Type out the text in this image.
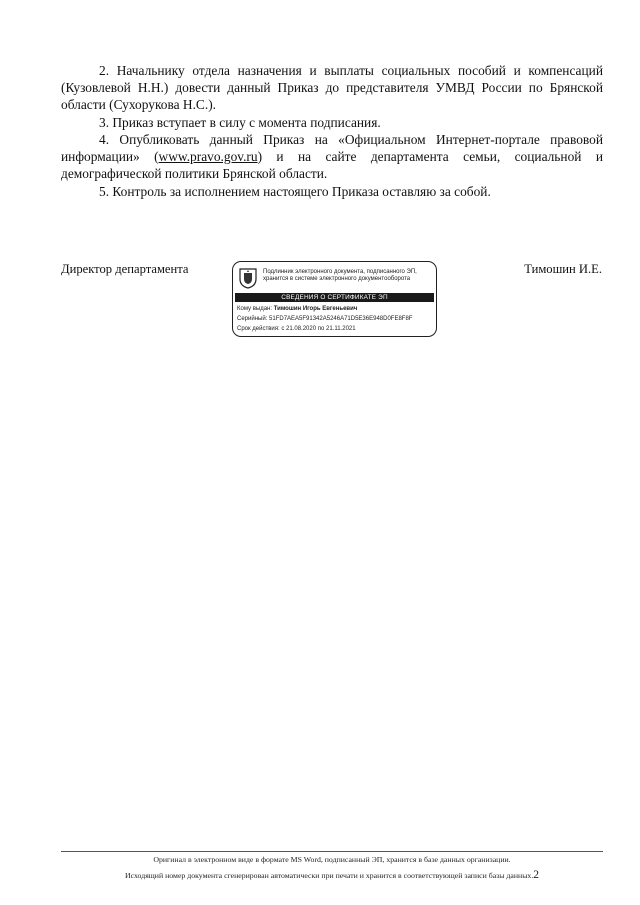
2. Начальнику отдела назначения и выплаты социальных пособий и компенсаций (Кузовлевой Н.Н.) довести данный Приказ до представителя УМВД России по Брянской области (Сухорукова Н.С.).

3. Приказ вступает в силу с момента подписания.

4. Опубликовать данный Приказ на «Официальном Интернет-портале правовой информации» (www.pravo.gov.ru) и на сайте департамента семьи, социальной и демографической политики Брянской области.

5. Контроль за исполнением настоящего Приказа оставляю за собой.

Директор департамента	Тимошин И.Е.
Подлинник электронного документа, подписанного ЭП, хранится в системе электронного документооборота
СВЕДЕНИЯ О СЕРТИФИКАТЕ ЭП
Кому выдан: Тимошин Игорь Евгеньевич
Серийный: 51FD7AEA5F91342A5246A71D5E36E948D0FE8F8F
Срок действия: с 21.08.2020 по 21.11.2021
Оригинал в электронном виде в формате MS Word, подписанный ЭП, хранится в базе данных организации.
Исходящий номер документа сгенерирован автоматически при печати и хранится в соответствующей записи базы данных.2
